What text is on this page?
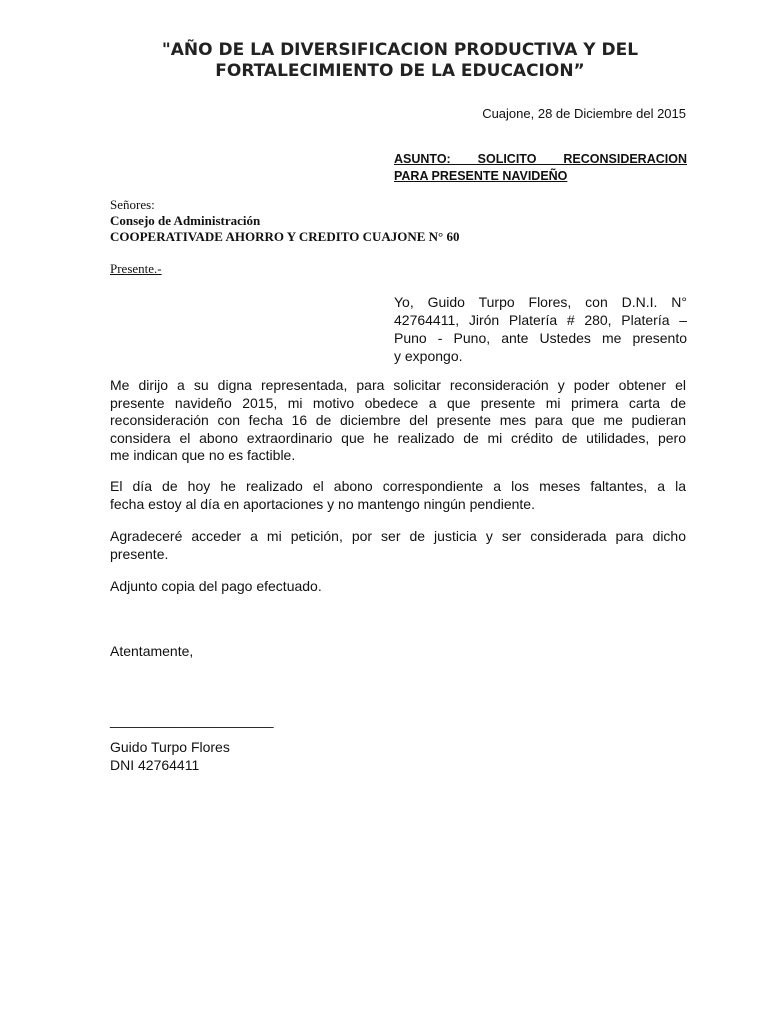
"AÑO DE LA DIVERSIFICACION PRODUCTIVA Y DEL
FORTALECIMIENTO DE LA EDUCACION”
Cuajone, 28 de Diciembre del 2015
ASUNTO: SOLICITO RECONSIDERACION
PARA PRESENTE NAVIDEÑO
Señores:
Consejo de Administración
COOPERATIVADE AHORRO Y CREDITO CUAJONE N° 60
Presente.-
Yo, Guido Turpo Flores, con D.N.I. N°
42764411, Jirón Platería # 280, Platería –
Puno - Puno, ante Ustedes me presento
y expongo.
Me dirijo a su digna representada, para solicitar reconsideración y poder obtener el
presente navideño 2015, mi motivo obedece a que presente mi primera carta de
reconsideración con fecha 16 de diciembre del presente mes para que me pudieran
considera el abono extraordinario que he realizado de mi crédito de utilidades, pero
me indican que no es factible.
El día de hoy he realizado el abono correspondiente a los meses faltantes, a la
fecha estoy al día en aportaciones y no mantengo ningún pendiente.
Agradeceré acceder a mi petición, por ser de justicia y ser considerada para dicho
presente.
Adjunto copia del pago efectuado.
Atentamente,
_____________________
Guido Turpo Flores
DNI 42764411
